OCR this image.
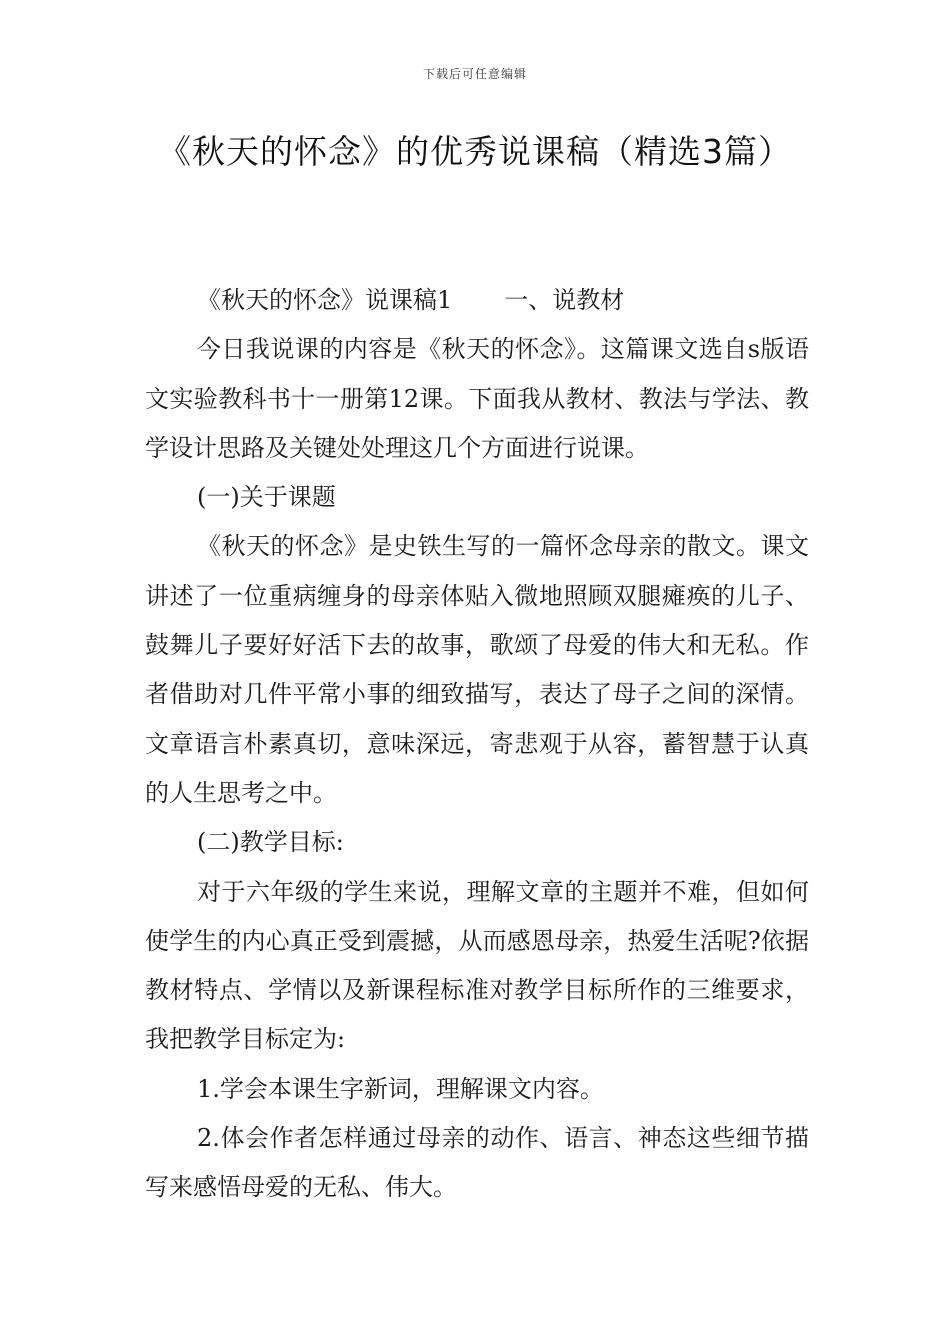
下载后可任意编辑
《秋天的怀念》的优秀说课稿（精选3篇）

《秋天的怀念》说课稿1 一、说教材

今日我说课的内容是《秋天的怀念》。这篇课文选自s版语文实验教科书十一册第12课。下面我从教材、教法与学法、教学设计思路及关键处处理这几个方面进行说课。

(一)关于课题

《秋天的怀念》是史铁生写的一篇怀念母亲的散文。课文讲述了一位重病缠身的母亲体贴入微地照顾双腿瘫痪的儿子、鼓舞儿子要好好活下去的故事，歌颂了母爱的伟大和无私。作者借助对几件平常小事的细致描写，表达了母子之间的深情。文章语言朴素真切，意味深远，寄悲观于从容，蓄智慧于认真的人生思考之中。

(二)教学目标:

对于六年级的学生来说，理解文章的主题并不难，但如何使学生的内心真正受到震撼，从而感恩母亲，热爱生活呢?依据教材特点、学情以及新课程标准对教学目标所作的三维要求，我把教学目标定为:

1.学会本课生字新词，理解课文内容。

2.体会作者怎样通过母亲的动作、语言、神态这些细节描写来感悟母爱的无私、伟大。
